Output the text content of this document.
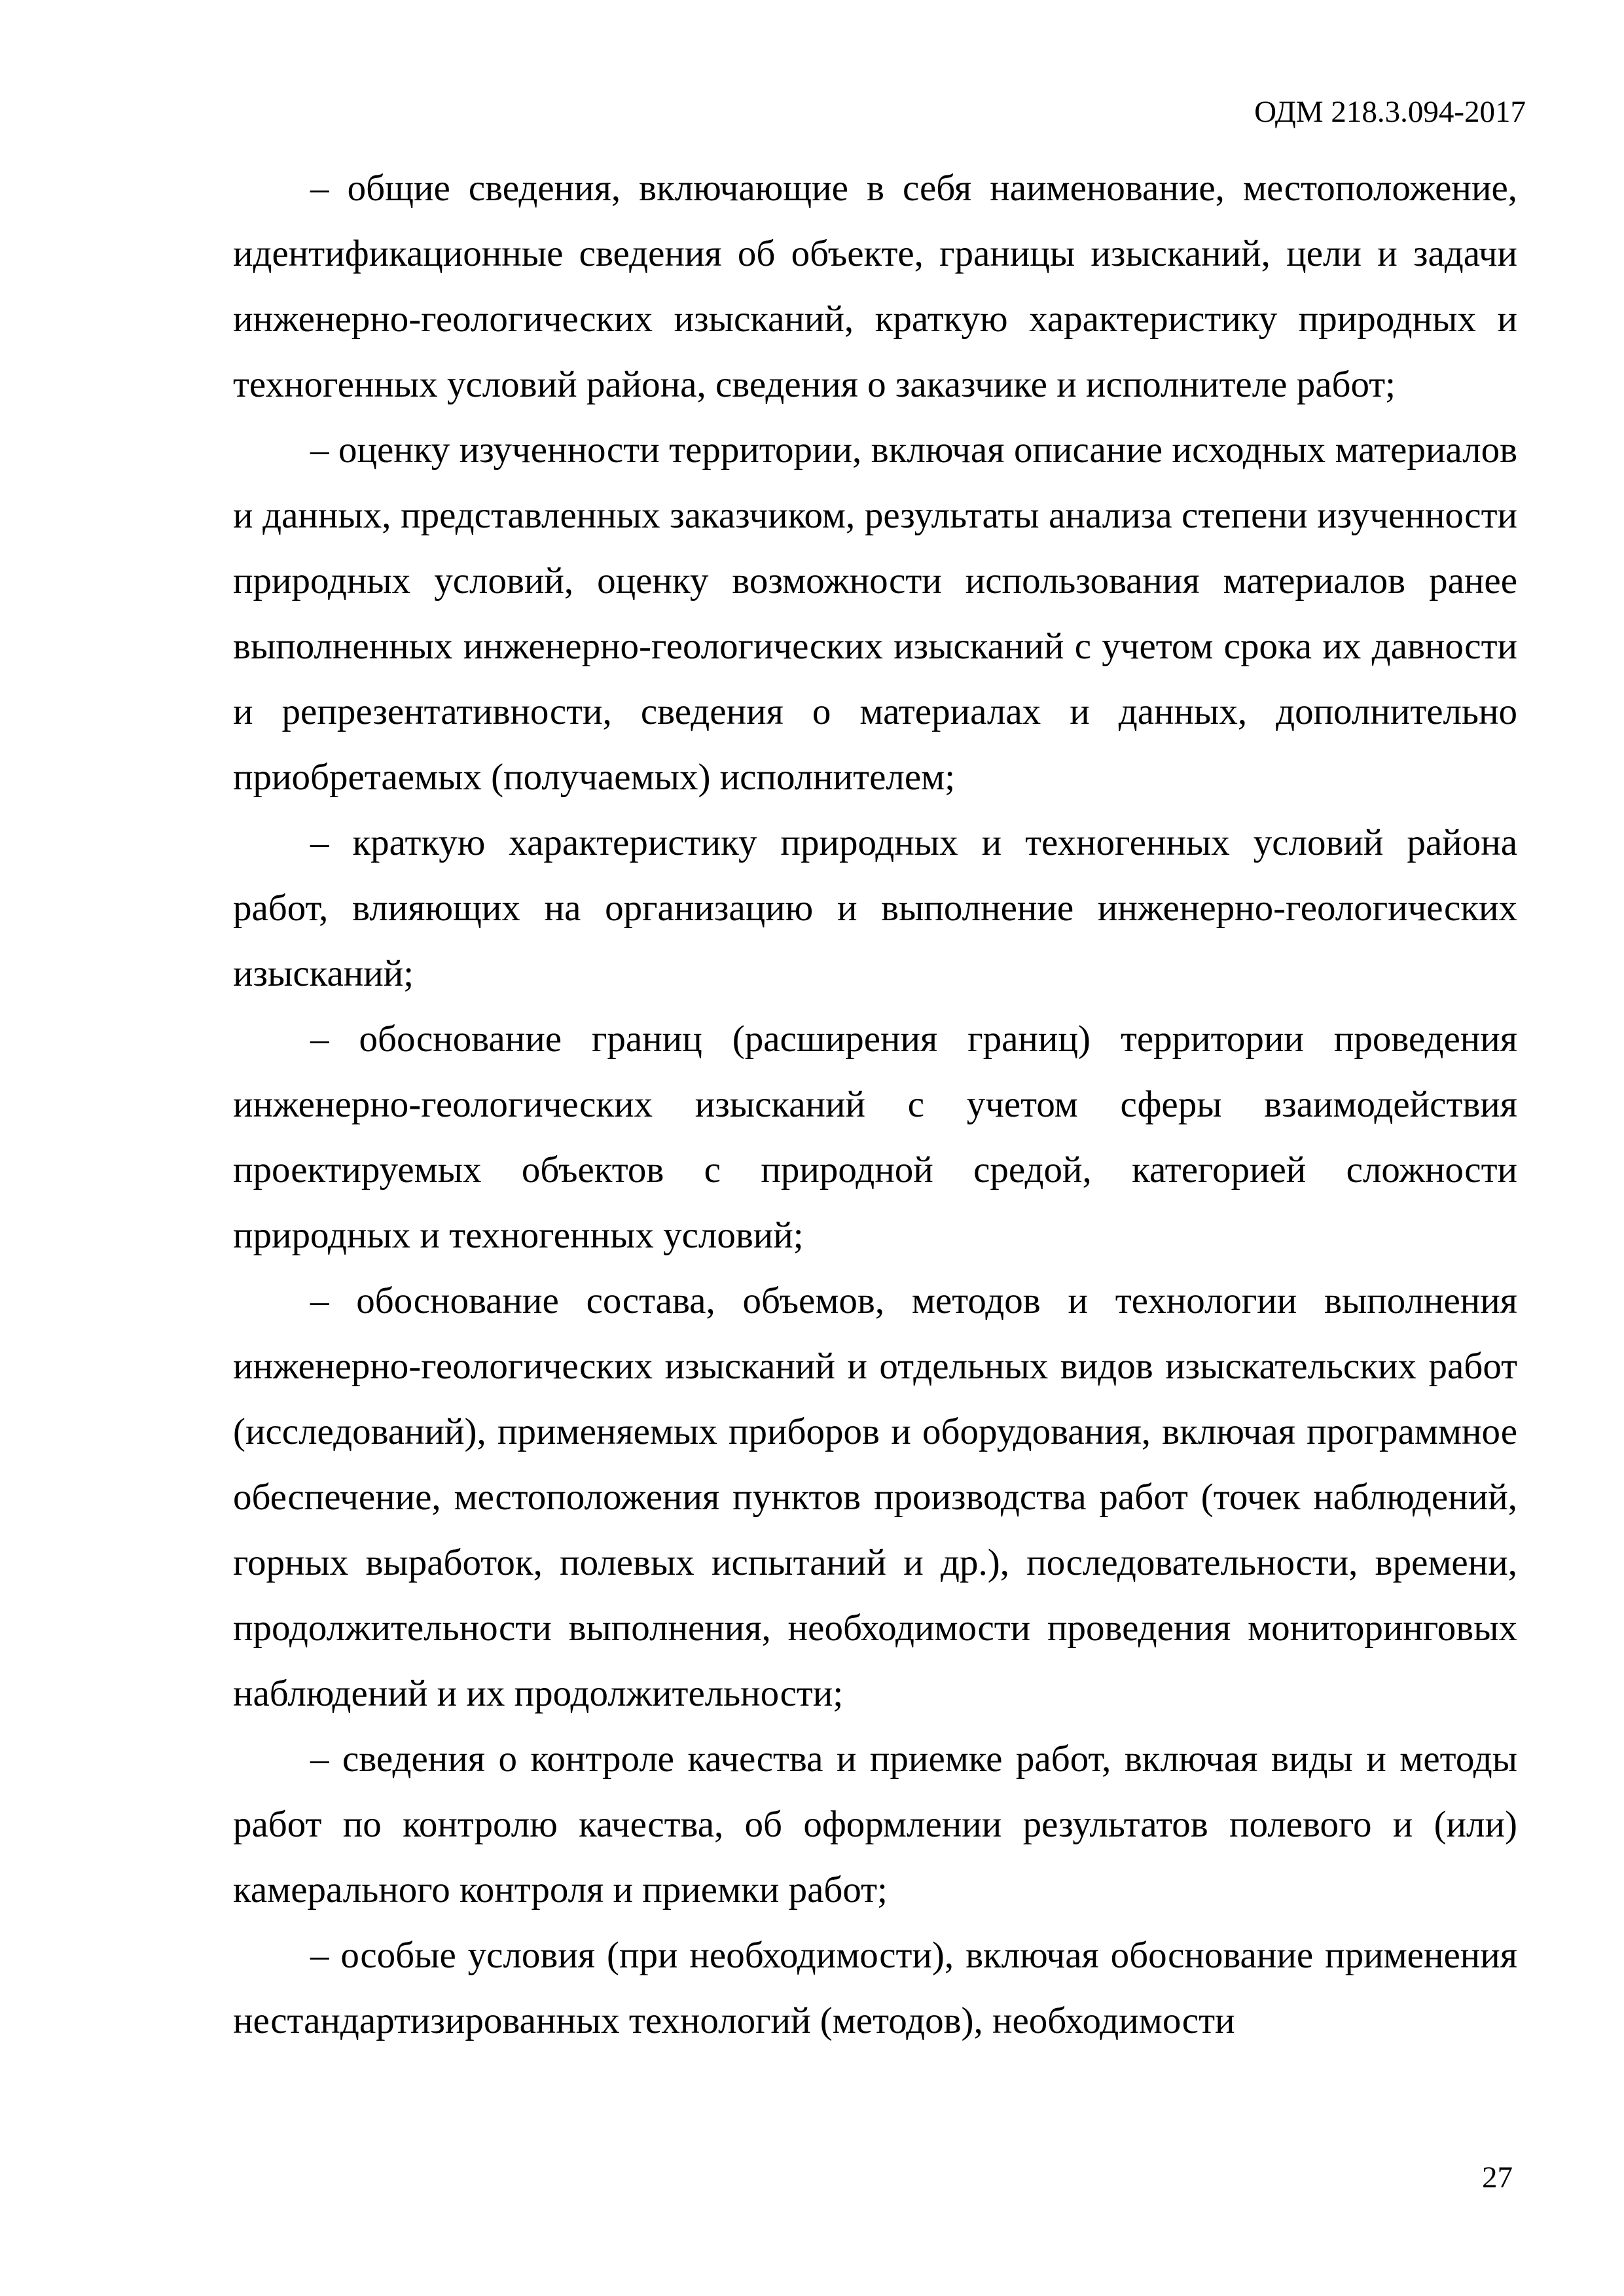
ОДМ 218.3.094-2017

– общие сведения, включающие в себя наименование, местоположение, идентификационные сведения об объекте, границы изысканий, цели и задачи инженерно-геологических изысканий, краткую характеристику природных и техногенных условий района, сведения о заказчике и исполнителе работ;

– оценку изученности территории, включая описание исходных материалов и данных, представленных заказчиком, результаты анализа степени изученности природных условий, оценку возможности использования материалов ранее выполненных инженерно-геологических изысканий с учетом срока их давности и репрезентативности, сведения о материалах и данных, дополнительно приобретаемых (получаемых) исполнителем;

– краткую характеристику природных и техногенных условий района работ, влияющих на организацию и выполнение инженерно-геологических изысканий;

– обоснование границ (расширения границ) территории проведения инженерно-геологических изысканий с учетом сферы взаимодействия проектируемых объектов с природной средой, категорией сложности природных и техногенных условий;

– обоснование состава, объемов, методов и технологии выполнения инженерно-геологических изысканий и отдельных видов изыскательских работ (исследований), применяемых приборов и оборудования, включая программное обеспечение, местоположения пунктов производства работ (точек наблюдений, горных выработок, полевых испытаний и др.), последовательности, времени, продолжительности выполнения, необходимости проведения мониторинговых наблюдений и их продолжительности;

– сведения о контроле качества и приемке работ, включая виды и методы работ по контролю качества, об оформлении результатов полевого и (или) камерального контроля и приемки работ;

– особые условия (при необходимости), включая обоснование применения нестандартизированных технологий (методов), необходимости

27
